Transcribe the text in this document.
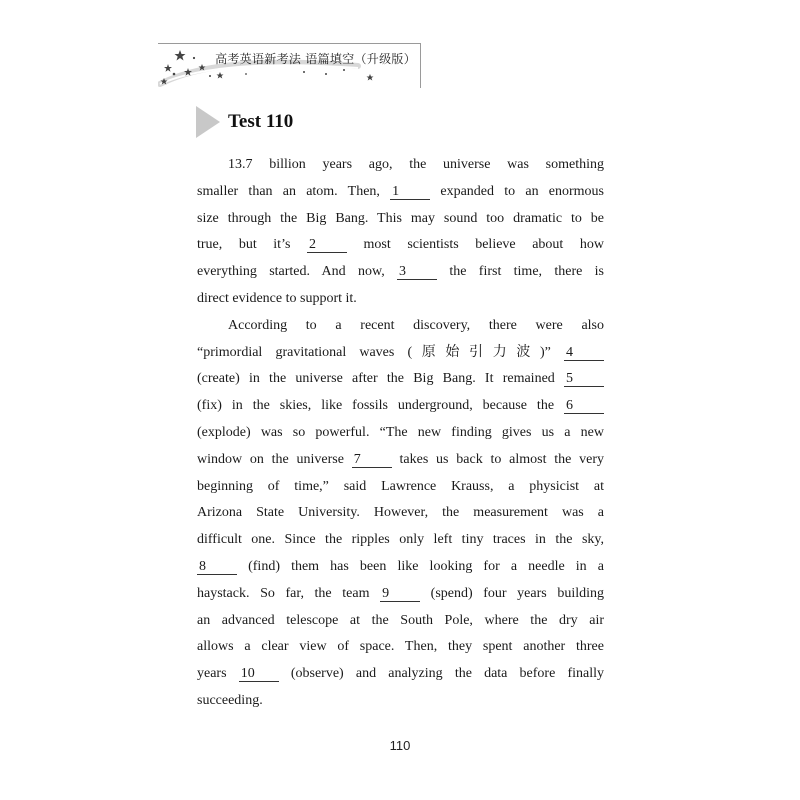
高考英语新考法 语篇填空（升级版）
Test 110
13.7 billion years ago, the universe was something
smaller than an atom. Then, 1 expanded to an enormous
size through the Big Bang. This may sound too dramatic to be
true, but it’s 2 most scientists believe about how
everything started. And now, 3 the first time, there is
direct evidence to support it.
According to a recent discovery, there were also
“primordial gravitational waves (原始引力波)” 4
(create) in the universe after the Big Bang. It remained 5
(fix) in the skies, like fossils underground, because the 6
(explode) was so powerful. “The new finding gives us a new
window on the universe 7 takes us back to almost the very
beginning of time,” said Lawrence Krauss, a physicist at
Arizona State University. However, the measurement was a
difficult one. Since the ripples only left tiny traces in the sky,
8 (find) them has been like looking for a needle in a
haystack. So far, the team 9 (spend) four years building
an advanced telescope at the South Pole, where the dry air
allows a clear view of space. Then, they spent another three
years 10 (observe) and analyzing the data before finally
succeeding.
110
